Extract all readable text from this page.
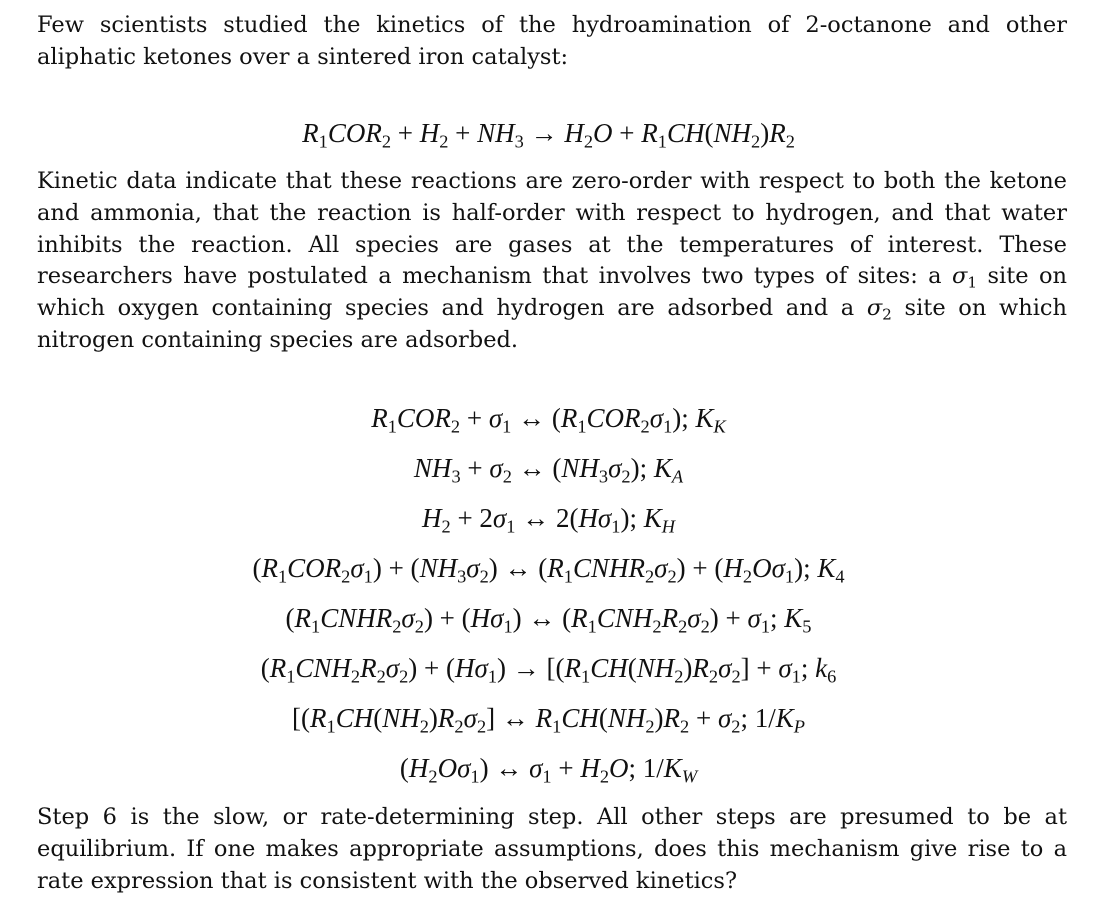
Few scientists studied the kinetics of the hydroamination of 2-octanone and other aliphatic ketones over a sintered iron catalyst:

$R_1COR_2 + H_2 + NH_3 \to H_2O + R_1CH(NH_2)R_2$

Kinetic data indicate that these reactions are zero-order with respect to both the ketone and ammonia, that the reaction is half-order with respect to hydrogen, and that water inhibits the reaction. All species are gases at the temperatures of interest. These researchers have postulated a mechanism that involves two types of sites: a $\sigma_1$ site on which oxygen containing species and hydrogen are adsorbed and a $\sigma_2$ site on which nitrogen containing species are adsorbed.

$R_1COR_2 + \sigma_1$ ↔ $(R_1COR_2\sigma_1)$; $K_K$
$NH_3 + \sigma_2$ ↔ $(NH_3\sigma_2)$; $K_A$
$H_2 + 2\sigma_1$ ↔ $2(H\sigma_1)$; $K_H$
$(R_1COR_2\sigma_1) + (NH_3\sigma_2)$ ↔ $(R_1CNHR_2\sigma_2) + (H_2O\sigma_1)$; $K_4$
$(R_1CNHR_2\sigma_2) + (H\sigma_1)$ ↔ $(R_1CNH_2R_2\sigma_2) + \sigma_1$; $K_5$
$(R_1CNH_2R_2\sigma_2) + (H\sigma_1) \to [(R_1CH(NH_2)R_2\sigma_2] + \sigma_1$; $k_6$
[$(R_1CH(NH_2)R_2\sigma_2]$ ↔ $R_1CH(NH_2)R_2 + \sigma_2$; $1/K_P$
$(H_2O\sigma_1)$ ↔ $\sigma_1 + H_2O$; $1/K_W$

Step 6 is the slow, or rate-determining step. All other steps are presumed to be at equilibrium. If one makes appropriate assumptions, does this mechanism give rise to a rate expression that is consistent with the observed kinetics?
